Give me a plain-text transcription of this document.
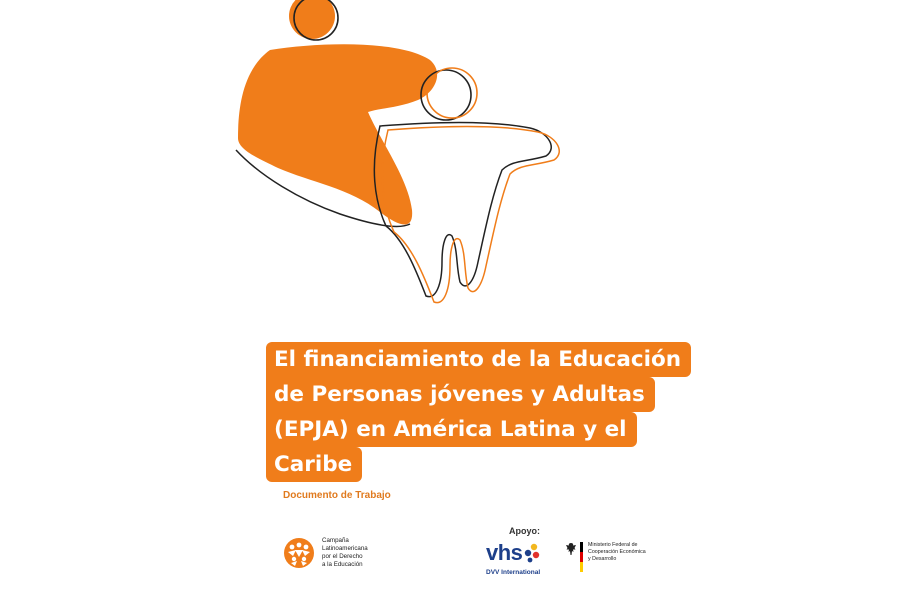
El financiamiento de la Educación
de Personas jóvenes y Adultas
(EPJA) en América Latina y el
Caribe
Documento de Trabajo
Campaña
Latinoamericana
por el Derecho
a la Educación
Apoyo:
vhs
DVV International
Ministerio Federal de
Cooperación Económica
y Desarrollo
